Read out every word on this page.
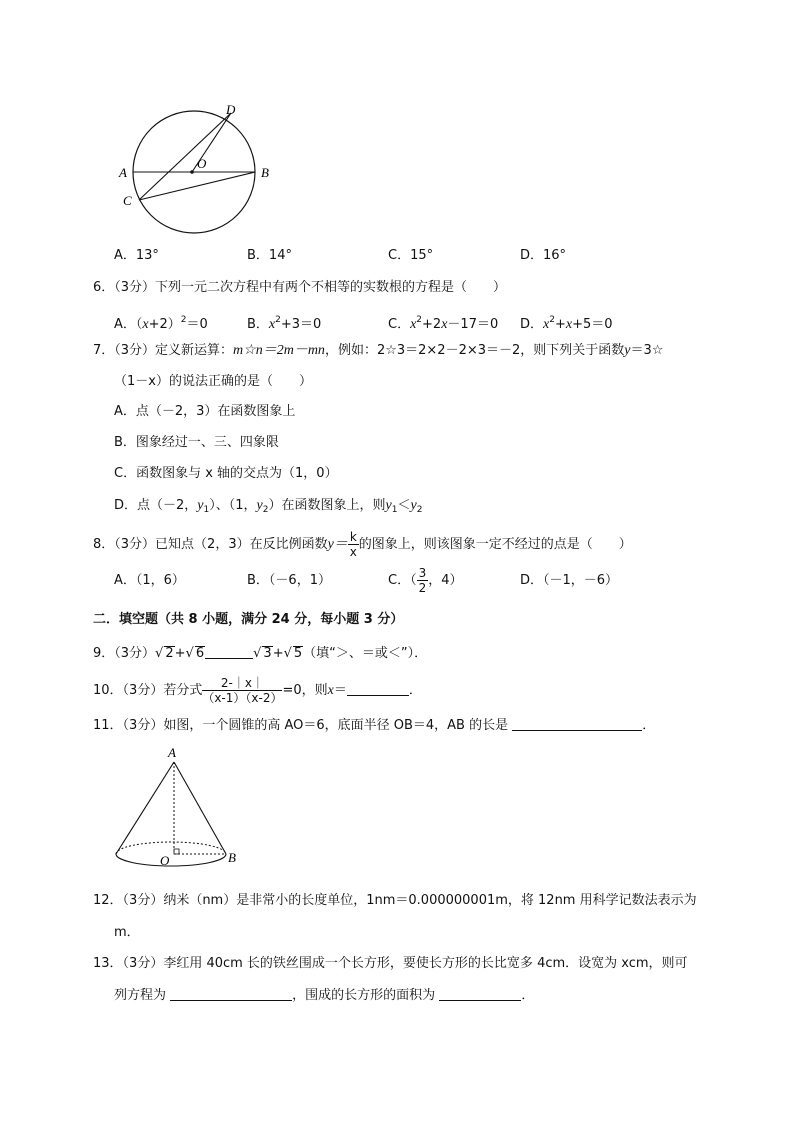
A	B
C
D
O
A．13°	B．14°	C．15°	D．16°
6．（3分）下列一元二次方程中有两个不相等的实数根的方程是（　　）
A．$(x+2)^2=0$	B．$x^2+3=0$	C．$x^2+2x-17=0$ D．$x^2+x+5=0$
7．（3分）定义新运算：m☆n＝2m－mn，例如：2☆3＝2×2－2×3＝－2，则下列关于函数y＝3☆
（1－x）的说法正确的是（　　）
A．点（－2，3）在函数图象上
B．图象经过一、三、四象限
C．函数图象与 x 轴的交点为（1，0）
D．点（－2，$y_1$）、（1，$y_2$）在函数图象上，则$y_1<y_2$
8．（3分）已知点（2，3）在反比例函数$y= \frac{k}{x}$ 的图象上，则该图象一定不经过的点是（　　）
A．（1，6）	B．（－6，1）	C．（ $\frac{3}{2}$ ，4）	D．（－1，－6）
二．填空题（共 8 小题，满分 24 分，每小题 3 分）
9．（3分）√ 2+√ 6	√ 3+√ 5（填“＞、＝或＜”）．
10．（3分）若分式 $\frac{2-|x|}{(x-1)(x-2)} =0$，则x＝	．
11．（3分）如图，一个圆锥的高 AO＝6，底面半径 OB＝4，AB 的长是	．
A
B
O
12．（3分）纳米（nm）是非常小的长度单位，1nm＝0.000000001m，将 12nm 用科学记数法表示为
m．
13．（3分）李红用 40cm 长的铁丝围成一个长方形，要使长方形的长比宽多 4cm．设宽为 xcm，则可
列方程为	，围成的长方形的面积为	．
